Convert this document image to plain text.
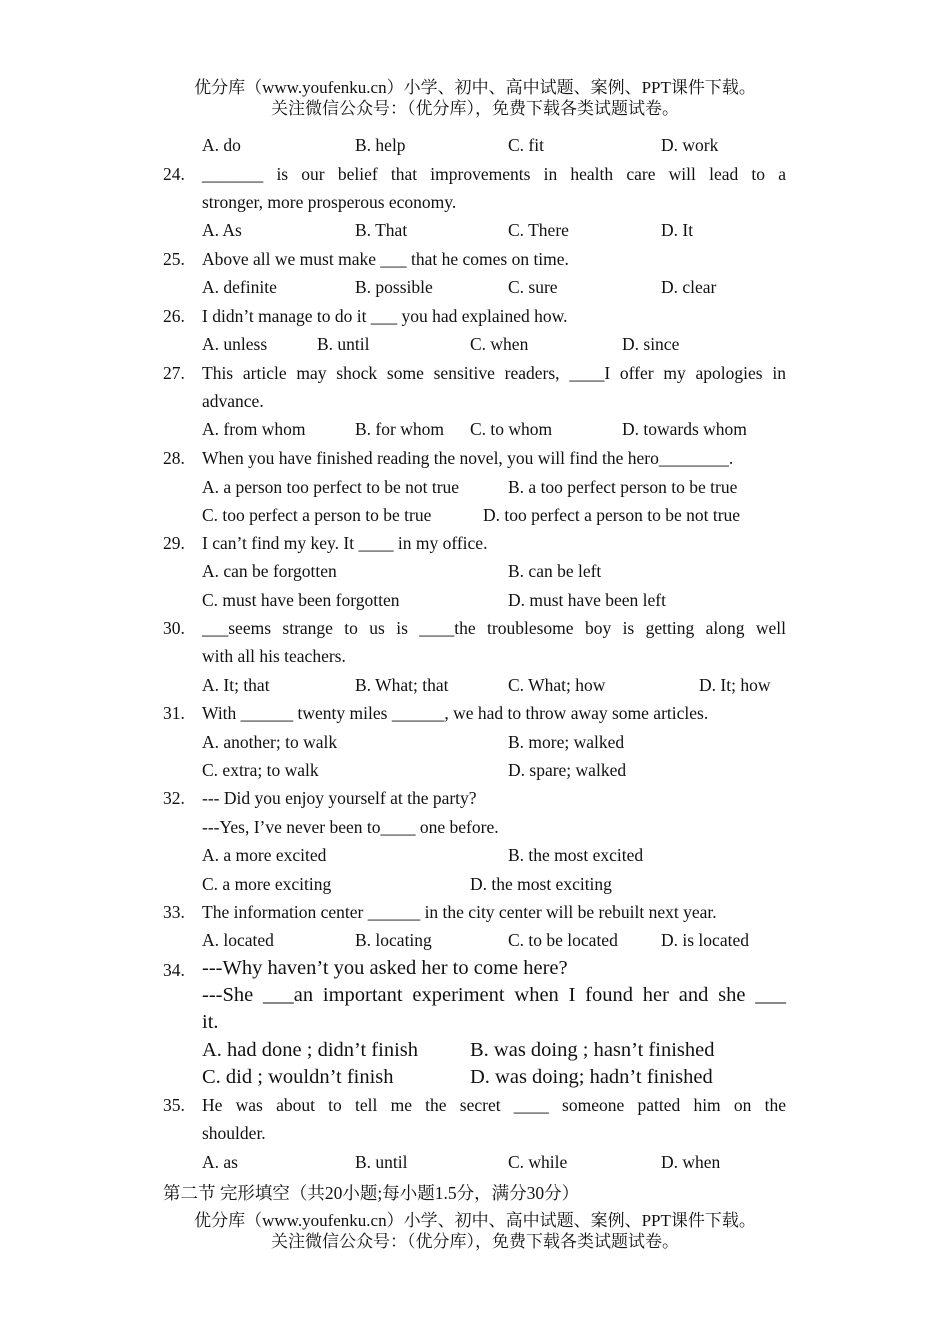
优分库（www.youfenku.cn）小学、初中、高中试题、案例、PPT课件下载。
关注微信公众号：（优分库），免费下载各类试题试卷。
A. do	B. help	C. fit	D. work
24. _______ is our belief that improvements in health care will lead to a
stronger, more prosperous economy.
A. As	B. That	C. There	D. It
25. Above all we must make ___ that he comes on time.
A. definite	B. possible	C. sure	D. clear
26. I didn’t manage to do it ___ you had explained how.
A. unless	B. until	C. when	D. since
27. This article may shock some sensitive readers, ____I offer my apologies in
advance.
A. from whom	B. for whom C. to whom	D. towards whom
28. When you have finished reading the novel, you will find the hero________.
A. a person too perfect to be not true	B. a too perfect person to be true
C. too perfect a person to be true	D. too perfect a person to be not true
29. I can’t find my key. It ____ in my office.
A. can be forgotten	B. can be left
C. must have been forgotten	D. must have been left
30. ___seems strange to us is ____the troublesome boy is getting along well
with all his teachers.
A. It; that	B. What; that	C. What; how	D. It; how
31. With ______ twenty miles ______, we had to throw away some articles.
A. another; to walk	B. more; walked
C. extra; to walk	D. spare; walked
32. --- Did you enjoy yourself at the party?
---Yes, I’ve never been to____ one before.
A. a more excited	B. the most excited
C. a more exciting	D. the most exciting
33. The information center ______ in the city center will be rebuilt next year.
A. located	B. locating	C. to be located D. is located
34. ---Why haven’t you asked her to come here?
---She ___an important experiment when I found her and she ___
it.
A. had done ; didn’t finish	B. was doing ; hasn’t finished
C. did ; wouldn’t finish	D. was doing; hadn’t finished
35. He was about to tell me the secret ____ someone patted him on the
shoulder.
A. as	B. until	C. while	D. when
第二节 完形填空（共20小题;每小题1.5分，满分30分）
优分库（www.youfenku.cn）小学、初中、高中试题、案例、PPT课件下载。
关注微信公众号：（优分库），免费下载各类试题试卷。
